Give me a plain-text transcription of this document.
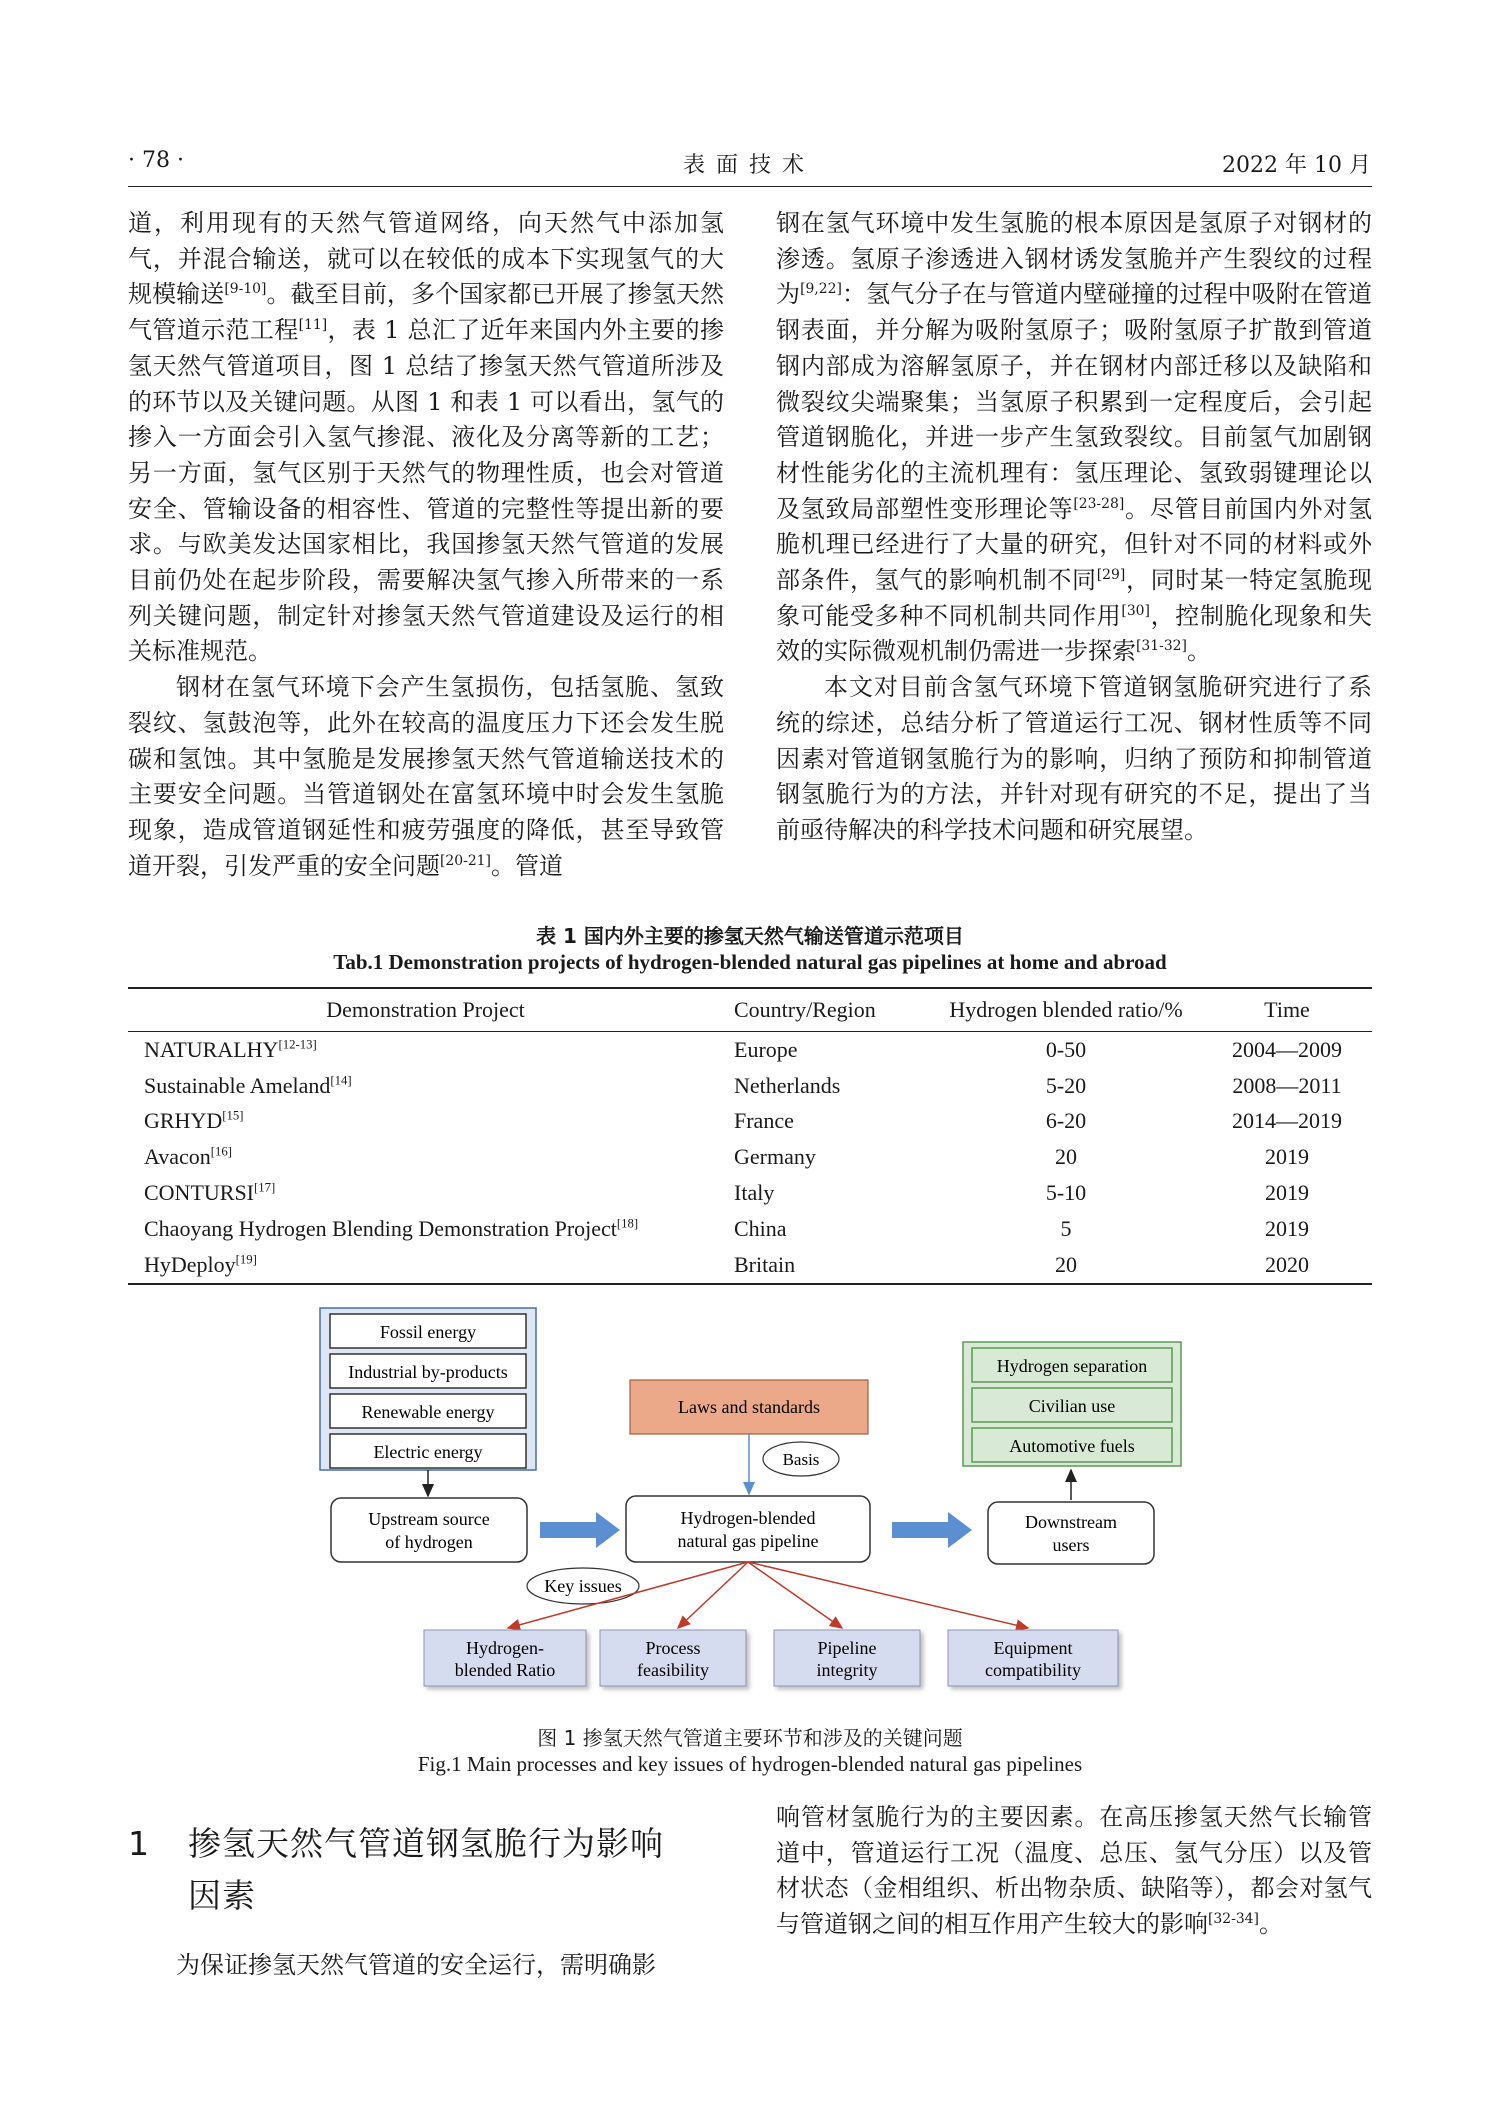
· 78 ·	表 面 技 术	2022 年 10 月

道，利用现有的天然气管道网络，向天然气中添加氢气，并混合输送，就可以在较低的成本下实现氢气的大规模输送[9-10]。截至目前，多个国家都已开展了掺氢天然气管道示范工程[11]，表 1 总汇了近年来国内外主要的掺氢天然气管道项目，图 1 总结了掺氢天然气管道所涉及的环节以及关键问题。从图 1 和表 1 可以看出，氢气的掺入一方面会引入氢气掺混、液化及分离等新的工艺；另一方面，氢气区别于天然气的物理性质，也会对管道安全、管输设备的相容性、管道的完整性等提出新的要求。与欧美发达国家相比，我国掺氢天然气管道的发展目前仍处在起步阶段，需要解决氢气掺入所带来的一系列关键问题，制定针对掺氢天然气管道建设及运行的相关标准规范。

钢材在氢气环境下会产生氢损伤，包括氢脆、氢致裂纹、氢鼓泡等，此外在较高的温度压力下还会发生脱碳和氢蚀。其中氢脆是发展掺氢天然气管道输送技术的主要安全问题。当管道钢处在富氢环境中时会发生氢脆现象，造成管道钢延性和疲劳强度的降低，甚至导致管道开裂，引发严重的安全问题[20-21]。管道

钢在氢气环境中发生氢脆的根本原因是氢原子对钢材的渗透。氢原子渗透进入钢材诱发氢脆并产生裂纹的过程为[9,22]：氢气分子在与管道内壁碰撞的过程中吸附在管道钢表面，并分解为吸附氢原子；吸附氢原子扩散到管道钢内部成为溶解氢原子，并在钢材内部迁移以及缺陷和微裂纹尖端聚集；当氢原子积累到一定程度后，会引起管道钢脆化，并进一步产生氢致裂纹。目前氢气加剧钢材性能劣化的主流机理有：氢压理论、氢致弱键理论以及氢致局部塑性变形理论等[23-28]。尽管目前国内外对氢脆机理已经进行了大量的研究，但针对不同的材料或外部条件，氢气的影响机制不同[29]，同时某一特定氢脆现象可能受多种不同机制共同作用[30]，控制脆化现象和失效的实际微观机制仍需进一步探索[31-32]。

本文对目前含氢气环境下管道钢氢脆研究进行了系统的综述，总结分析了管道运行工况、钢材性质等不同因素对管道钢氢脆行为的影响，归纳了预防和抑制管道钢氢脆行为的方法，并针对现有研究的不足，提出了当前亟待解决的科学技术问题和研究展望。

表 1 国内外主要的掺氢天然气输送管道示范项目
Tab.1 Demonstration projects of hydrogen-blended natural gas pipelines at home and abroad
Demonstration Project	Country/Region	Hydrogen blended ratio/%	Time
NATURALHY[12-13]	Europe	0-50	2004—2009
Sustainable Ameland[14]	Netherlands	5-20	2008—2011
GRHYD[15]	France	6-20	2014—2019
Avacon[16]	Germany	20	2019
CONTURSI[17]	Italy	5-10	2019
Chaoyang Hydrogen Blending Demonstration Project[18]	China	5	2019
HyDeploy[19]	Britain	20	2020
Fossil energy
Industrial by-products
Renewable energy
Electric energy
Upstream source
of hydrogen
Laws and standards
Basis
Hydrogen-blended
natural gas pipeline
Hydrogen separation
Civilian use
Automotive fuels
Downstream
users
Key issues
Hydrogen-
blended Ratio
Process
feasibility
Pipeline
integrity
Equipment
compatibility
图 1 掺氢天然气管道主要环节和涉及的关键问题
Fig.1 Main processes and key issues of hydrogen-blended natural gas pipelines
1 掺氢天然气管道钢氢脆行为影响
因素

为保证掺氢天然气管道的安全运行，需明确影

响管材氢脆行为的主要因素。在高压掺氢天然气长输管道中，管道运行工况（温度、总压、氢气分压）以及管材状态（金相组织、析出物杂质、缺陷等），都会对氢气与管道钢之间的相互作用产生较大的影响[32-34]。
